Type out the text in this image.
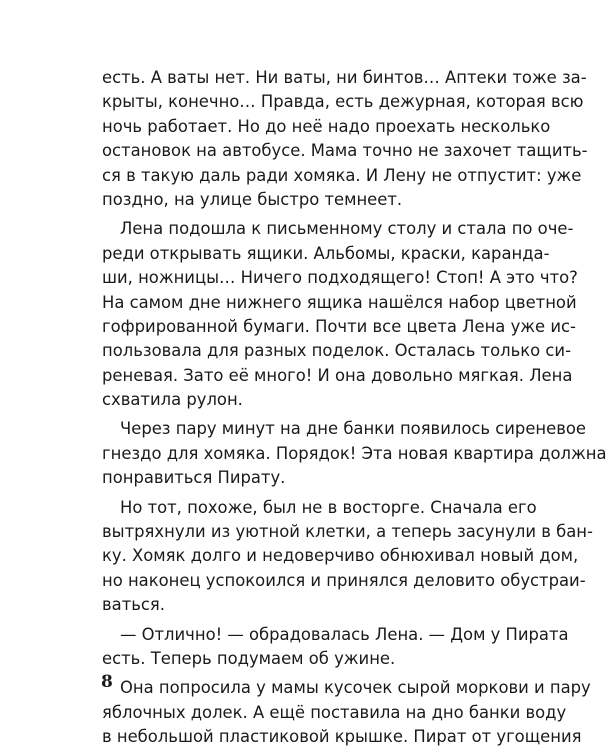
есть. А ваты нет. Ни ваты, ни бинтов… Аптеки тоже за-
крыты, конечно… Правда, есть дежурная, которая всю
ночь работает. Но до неё надо проехать несколько
остановок на автобусе. Мама точно не захочет тащить-
ся в такую даль ради хомяка. И Лену не отпустит: уже
поздно, на улице быстро темнеет.
Лена подошла к письменному столу и стала по оче-
реди открывать ящики. Альбомы, краски, каранда-
ши, ножницы… Ничего подходящего! Стоп! А это что?
На самом дне нижнего ящика нашёлся набор цветной
гофрированной бумаги. Почти все цвета Лена уже ис-
пользовала для разных поделок. Осталась только си-
реневая. Зато её много! И она довольно мягкая. Лена
схватила рулон.
Через пару минут на дне банки появилось сиреневое
гнездо для хомяка. Порядок! Эта новая квартира должна
понравиться Пирату.
Но тот, похоже, был не в восторге. Сначала его
вытряхнули из уютной клетки, а теперь засунули в бан-
ку. Хомяк долго и недоверчиво обнюхивал новый дом,
но наконец успокоился и принялся деловито обустраи-
ваться.
— Отлично! — обрадовалась Лена. — Дом у Пирата
есть. Теперь подумаем об ужине.
Она попросила у мамы кусочек сырой моркови и пару
яблочных долек. А ещё поставила на дно банки воду
в небольшой пластиковой крышке. Пират от угощения
8
